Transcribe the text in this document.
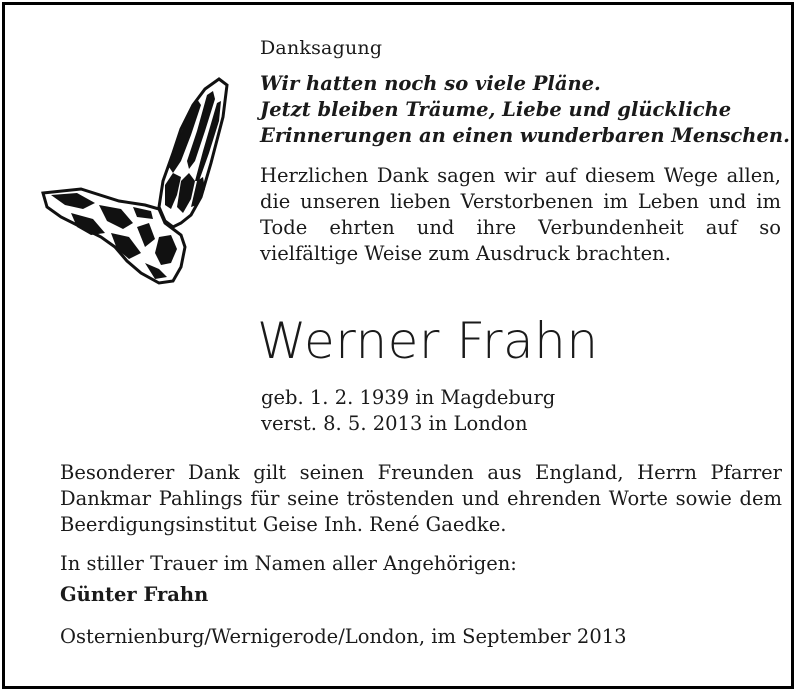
Danksagung
Wir hatten noch so viele Pläne.
Jetzt bleiben Träume, Liebe und glückliche
Erinnerungen an einen wunderbaren Menschen.
Herzlichen Dank sagen wir auf diesem Wege allen, die unseren lieben Verstorbenen im Leben und im Tode ehrten und ihre Verbundenheit auf so vielfältige Weise zum Ausdruck brachten.
Werner Frahn
geb. 1. 2. 1939 in Magdeburg
verst. 8. 5. 2013 in London
Besonderer Dank gilt seinen Freunden aus England, Herrn Pfarrer Dankmar Pahlings für seine tröstenden und ehrenden Worte sowie dem Beerdigungsinstitut Geise Inh. René Gaedke.
In stiller Trauer im Namen aller Angehörigen:
Günter Frahn
Osternienburg/Wernigerode/London, im September 2013
